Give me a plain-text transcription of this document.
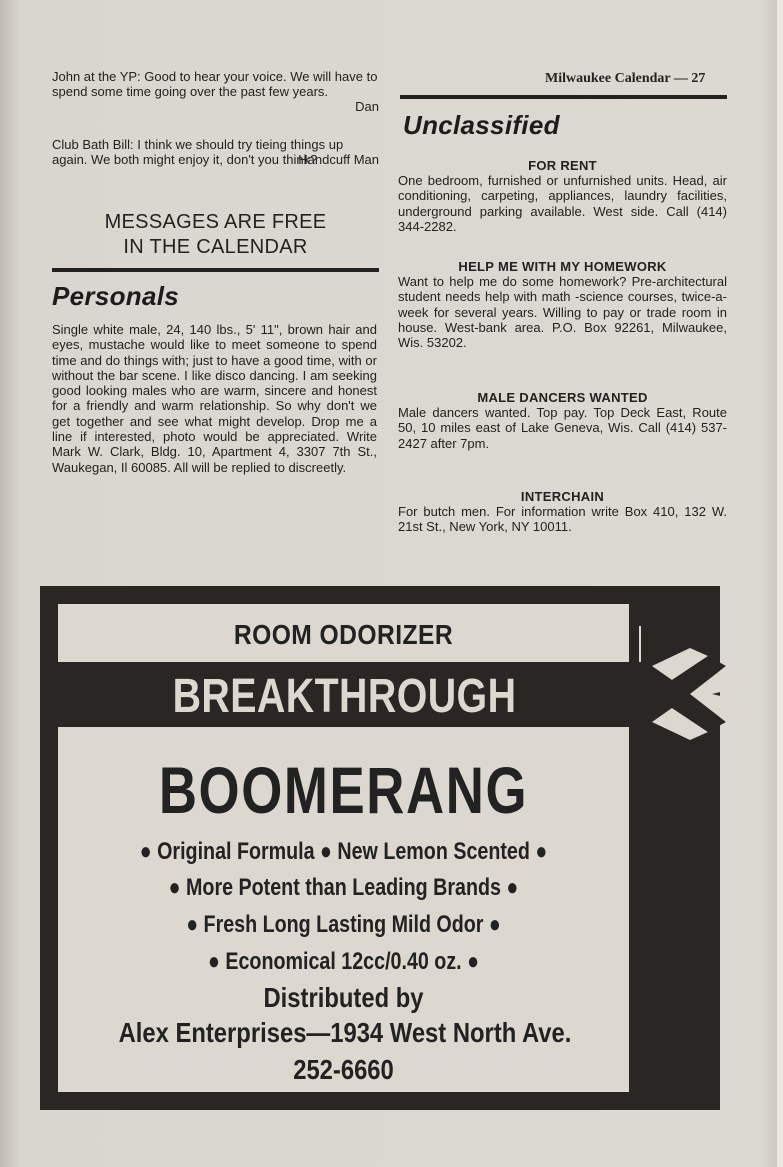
John at the YP: Good to hear your voice. We will have to spend some time going over the past few years.
Dan
Club Bath Bill: I think we should try tieing things up again. We both might enjoy it, don't you think?
Handcuff Man
MESSAGES ARE FREE
IN THE CALENDAR
Personals
Single white male, 24, 140 lbs., 5' 11", brown hair and eyes, mustache would like to meet someone to spend time and do things with; just to have a good time, with or without the bar scene. I like disco dancing. I am seeking good looking males who are warm, sincere and honest for a friendly and warm relationship. So why don't we get together and see what might develop. Drop me a line if interested, photo would be appreciated. Write Mark W. Clark, Bldg. 10, Apartment 4, 3307 7th St., Waukegan, Il 60085. All will be replied to discreetly.
Milwaukee Calendar — 27
Unclassified
FOR RENT
One bedroom, furnished or unfurnished units. Head, air conditioning, carpeting, appliances, laundry facilities, underground parking available. West side. Call (414) 344-2282.
HELP ME WITH MY HOMEWORK
Want to help me do some homework? Pre-architectural student needs help with math -science courses, twice-a-week for several years. Willing to pay or trade room in house. West-bank area. P.O. Box 92261, Milwaukee, Wis. 53202.
MALE DANCERS WANTED
Male dancers wanted. Top pay. Top Deck East, Route 50, 10 miles east of Lake Geneva, Wis. Call (414) 537-2427 after 7pm.
INTERCHAIN
For butch men. For information write Box 410, 132 W. 21st St., New York, NY 10011.
ROOM ODORIZER
BREAKTHROUGH
BOOMERANG
● Original Formula ● New Lemon Scented ●
● More Potent than Leading Brands ●
● Fresh Long Lasting Mild Odor ●
● Economical 12cc/0.40 oz. ●
Distributed by
Alex Enterprises—1934 West North Ave.
252-6660
